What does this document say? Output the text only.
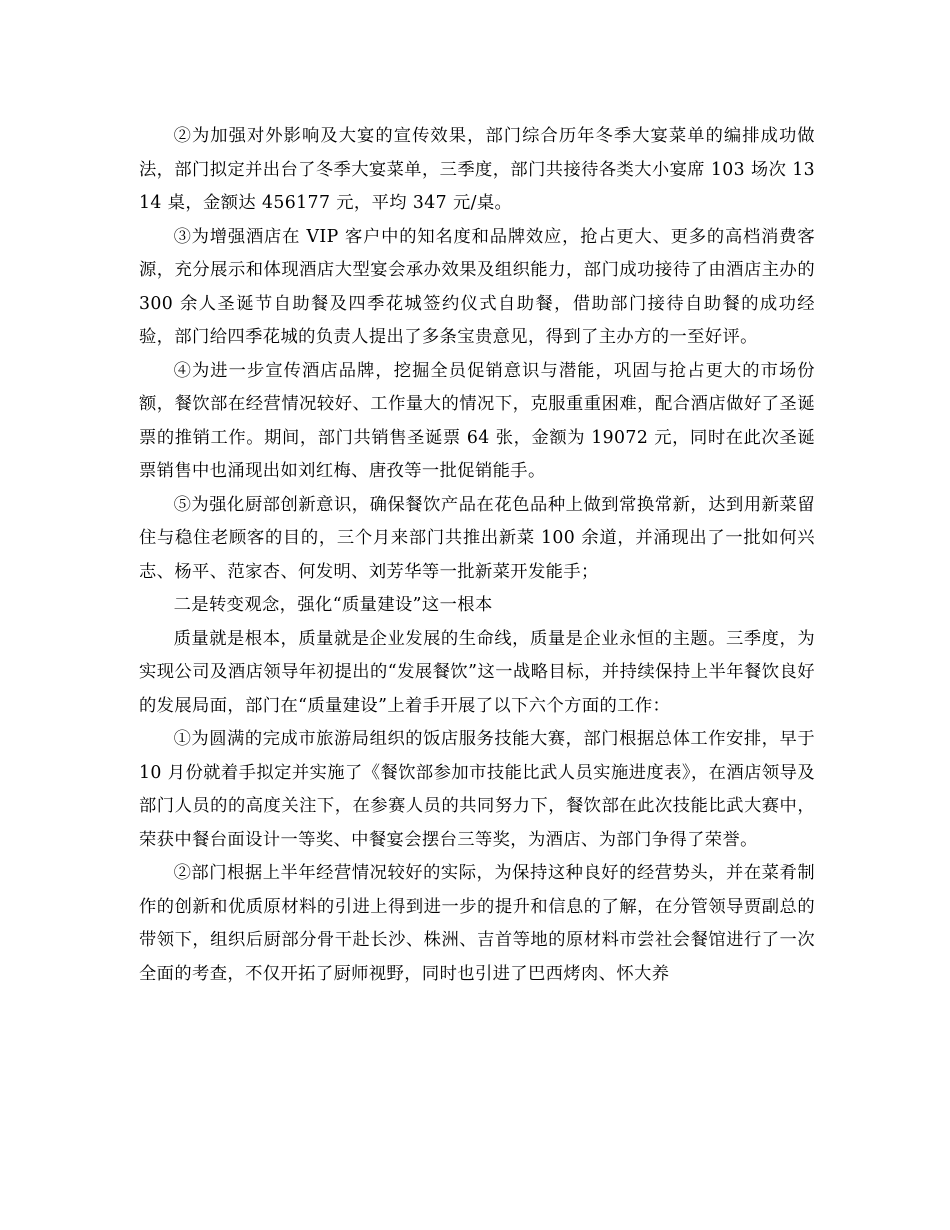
②为加强对外影响及大宴的宣传效果，部门综合历年冬季大宴菜单的编排成功做法，部门拟定并出台了冬季大宴菜单，三季度，部门共接待各类大小宴席 103 场次 1314 桌，金额达 456177 元，平均 347 元/桌。

③为增强酒店在 VIP 客户中的知名度和品牌效应，抢占更大、更多的高档消费客源，充分展示和体现酒店大型宴会承办效果及组织能力，部门成功接待了由酒店主办的 300 余人圣诞节自助餐及四季花城签约仪式自助餐，借助部门接待自助餐的成功经验，部门给四季花城的负责人提出了多条宝贵意见，得到了主办方的一至好评。

④为进一步宣传酒店品牌，挖掘全员促销意识与潜能，巩固与抢占更大的市场份额，餐饮部在经营情况较好、工作量大的情况下，克服重重困难，配合酒店做好了圣诞票的推销工作。期间，部门共销售圣诞票 64 张，金额为 19072 元，同时在此次圣诞票销售中也涌现出如刘红梅、唐孜等一批促销能手。

⑤为强化厨部创新意识，确保餐饮产品在花色品种上做到常换常新，达到用新菜留住与稳住老顾客的目的，三个月来部门共推出新菜 100 余道，并涌现出了一批如何兴志、杨平、范家杏、何发明、刘芳华等一批新菜开发能手；

二是转变观念，强化“质量建设”这一根本

质量就是根本，质量就是企业发展的生命线，质量是企业永恒的主题。三季度，为实现公司及酒店领导年初提出的“发展餐饮”这一战略目标，并持续保持上半年餐饮良好的发展局面，部门在“质量建设”上着手开展了以下六个方面的工作：

①为圆满的完成市旅游局组织的饭店服务技能大赛，部门根据总体工作安排，早于 10 月份就着手拟定并实施了《餐饮部参加市技能比武人员实施进度表》，在酒店领导及部门人员的的高度关注下，在参赛人员的共同努力下，餐饮部在此次技能比武大赛中，荣获中餐台面设计一等奖、中餐宴会摆台三等奖，为酒店、为部门争得了荣誉。

②部门根据上半年经营情况较好的实际，为保持这种良好的经营势头，并在菜肴制作的创新和优质原材料的引进上得到进一步的提升和信息的了解，在分管领导贾副总的带领下，组织后厨部分骨干赴长沙、株洲、吉首等地的原材料市尝社会餐馆进行了一次全面的考查，不仅开拓了厨师视野，同时也引进了巴西烤肉、怀大养
